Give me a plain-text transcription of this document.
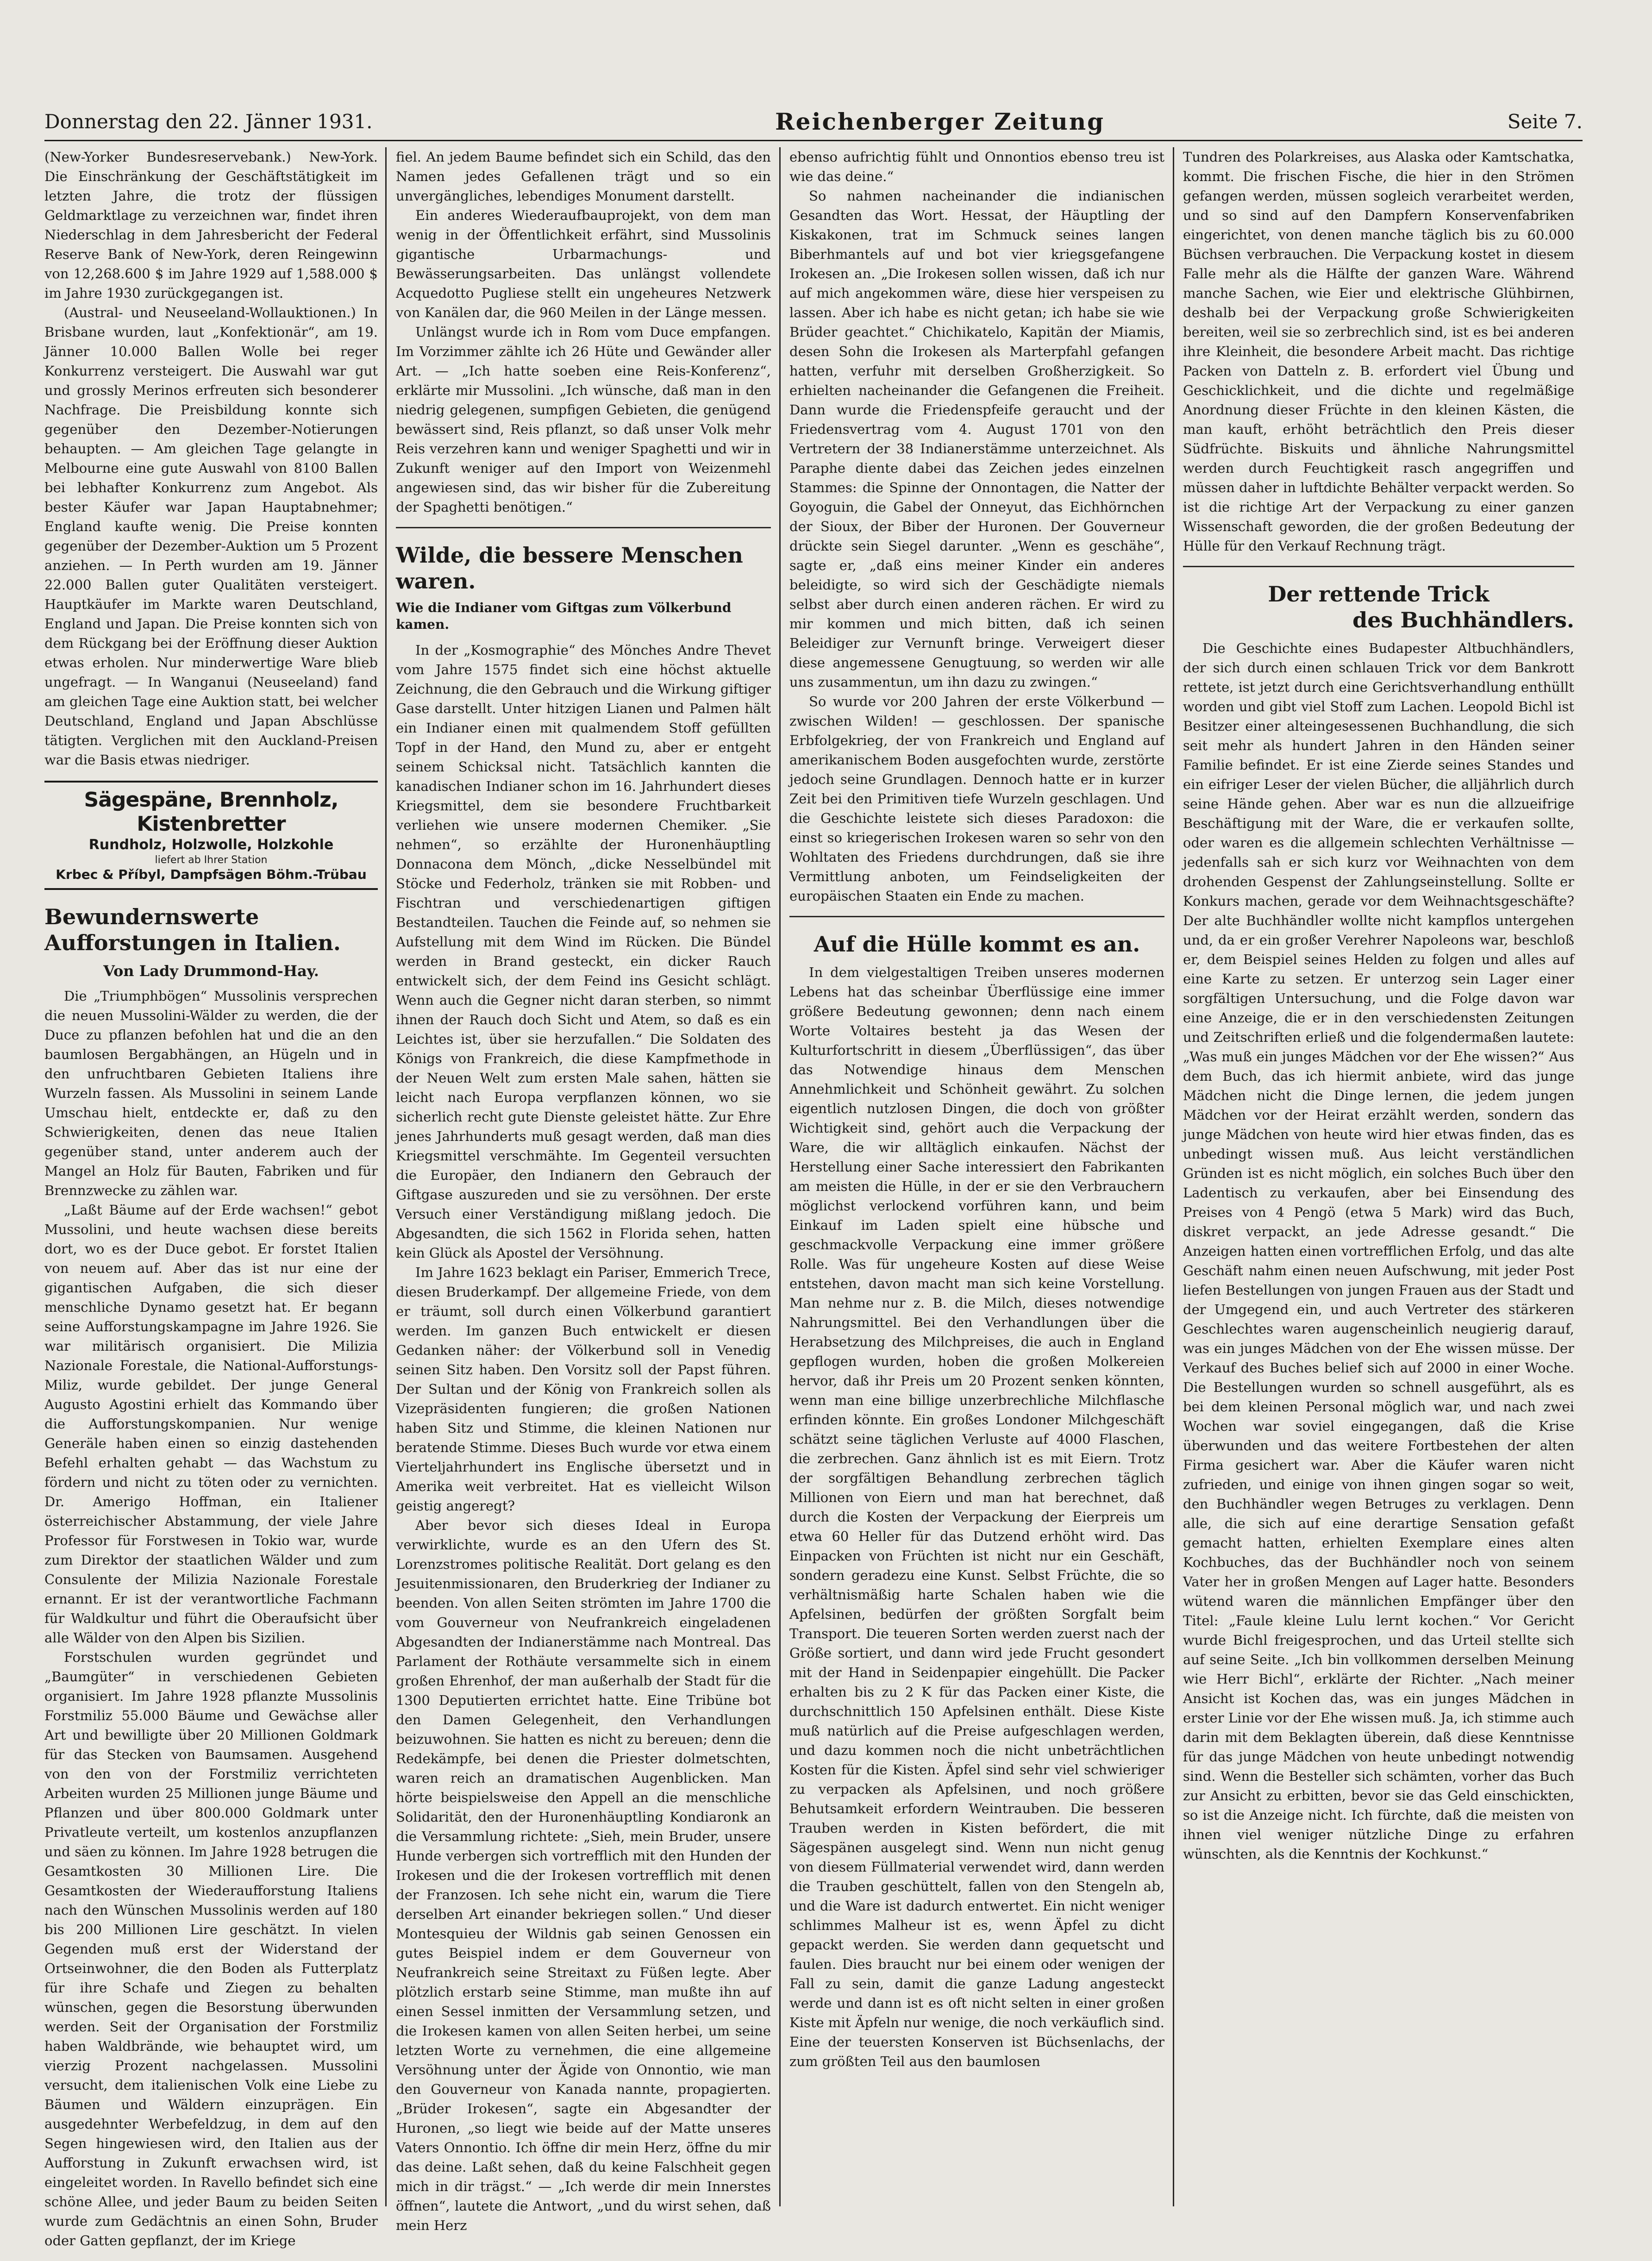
Donnerstag den 22. Jänner 1931.	Reichenberger Zeitung	Seite 7.

(New-Yorker Bundesreservebank.) New-York. Die Einschränkung der Geschäftstätigkeit im letzten Jahre, die trotz der flüssigen Geldmarktlage zu verzeichnen war, findet ihren Niederschlag in dem Jahresbericht der Federal Reserve Bank of New-York, deren Reingewinn von 12,268.600 $ im Jahre 1929 auf 1,588.000 $ im Jahre 1930 zurückgegangen ist.

(Austral- und Neuseeland-Wollauktionen.) In Brisbane wurden, laut „Konfektionär“, am 19. Jänner 10.000 Ballen Wolle bei reger Konkurrenz versteigert. Die Auswahl war gut und grossly Merinos erfreuten sich besonderer Nachfrage. Die Preisbildung konnte sich gegenüber den Dezember-Notierungen behaupten. — Am gleichen Tage gelangte in Melbourne eine gute Auswahl von 8100 Ballen bei lebhafter Konkurrenz zum Angebot. Als bester Käufer war Japan Hauptabnehmer; England kaufte wenig. Die Preise konnten gegenüber der Dezember-Auktion um 5 Prozent anziehen. — In Perth wurden am 19. Jänner 22.000 Ballen guter Qualitäten versteigert. Hauptkäufer im Markte waren Deutschland, England und Japan. Die Preise konnten sich von dem Rückgang bei der Eröffnung dieser Auktion etwas erholen. Nur minderwertige Ware blieb ungefragt. — In Wanganui (Neuseeland) fand am gleichen Tage eine Auktion statt, bei welcher Deutschland, England und Japan Abschlüsse tätigten. Verglichen mit den Auckland-Preisen war die Basis etwas niedriger.

Sägespäne, Brennholz, Kistenbretter
Rundholz, Holzwolle, Holzkohle
liefert ab Ihrer Station
Krbec & Příbyl, Dampfsägen Böhm.-Trübau
Bewundernswerte Aufforstungen in Italien.
Von Lady Drummond-Hay.

Die „Triumphbögen“ Mussolinis versprechen die neuen Mussolini-Wälder zu werden, die der Duce zu pflanzen befohlen hat und die an den baumlosen Bergabhängen, an Hügeln und in den unfruchtbaren Gebieten Italiens ihre Wurzeln fassen. Als Mussolini in seinem Lande Umschau hielt, entdeckte er, daß zu den Schwierigkeiten, denen das neue Italien gegenüber stand, unter anderem auch der Mangel an Holz für Bauten, Fabriken und für Brennzwecke zu zählen war.

„Laßt Bäume auf der Erde wachsen!“ gebot Mussolini, und heute wachsen diese bereits dort, wo es der Duce gebot. Er forstet Italien von neuem auf. Aber das ist nur eine der gigantischen Aufgaben, die sich dieser menschliche Dynamo gesetzt hat. Er begann seine Aufforstungskampagne im Jahre 1926. Sie war militärisch organisiert. Die Milizia Nazionale Forestale, die National-Aufforstungs-Miliz, wurde gebildet. Der junge General Augusto Agostini erhielt das Kommando über die Aufforstungskompanien. Nur wenige Generäle haben einen so einzig dastehenden Befehl erhalten gehabt — das Wachstum zu fördern und nicht zu töten oder zu vernichten. Dr. Amerigo Hoffman, ein Italiener österreichischer Abstammung, der viele Jahre Professor für Forstwesen in Tokio war, wurde zum Direktor der staatlichen Wälder und zum Consulente der Milizia Nazionale Forestale ernannt. Er ist der verantwortliche Fachmann für Waldkultur und führt die Oberaufsicht über alle Wälder von den Alpen bis Sizilien.

Forstschulen wurden gegründet und „Baumgüter“ in verschiedenen Gebieten organisiert. Im Jahre 1928 pflanzte Mussolinis Forstmiliz 55.000 Bäume und Gewächse aller Art und bewilligte über 20 Millionen Goldmark für das Stecken von Baumsamen. Ausgehend von den von der Forstmiliz verrichteten Arbeiten wurden 25 Millionen junge Bäume und Pflanzen und über 800.000 Goldmark unter Privatleute verteilt, um kostenlos anzupflanzen und säen zu können. Im Jahre 1928 betrugen die Gesamtkosten 30 Millionen Lire. Die Gesamtkosten der Wiederaufforstung Italiens nach den Wünschen Mussolinis werden auf 180 bis 200 Millionen Lire geschätzt. In vielen Gegenden muß erst der Widerstand der Ortseinwohner, die den Boden als Futterplatz für ihre Schafe und Ziegen zu behalten wünschen, gegen die Besorstung überwunden werden. Seit der Organisation der Forstmiliz haben Waldbrände, wie behauptet wird, um vierzig Prozent nachgelassen. Mussolini versucht, dem italienischen Volk eine Liebe zu Bäumen und Wäldern einzuprägen. Ein ausgedehnter Werbefeldzug, in dem auf den Segen hingewiesen wird, den Italien aus der Aufforstung in Zukunft erwachsen wird, ist eingeleitet worden. In Ravello befindet sich eine schöne Allee, und jeder Baum zu beiden Seiten wurde zum Gedächtnis an einen Sohn, Bruder oder Gatten gepflanzt, der im Kriege

fiel. An jedem Baume befindet sich ein Schild, das den Namen jedes Gefallenen trägt und so ein unvergängliches, lebendiges Monument darstellt.

Ein anderes Wiederaufbauprojekt, von dem man wenig in der Öffentlichkeit erfährt, sind Mussolinis gigantische Urbarmachungs- und Bewässerungsarbeiten. Das unlängst vollendete Acquedotto Pugliese stellt ein ungeheures Netzwerk von Kanälen dar, die 960 Meilen in der Länge messen.

Unlängst wurde ich in Rom vom Duce empfangen. Im Vorzimmer zählte ich 26 Hüte und Gewänder aller Art. — „Ich hatte soeben eine Reis-Konferenz“, erklärte mir Mussolini. „Ich wünsche, daß man in den niedrig gelegenen, sumpfigen Gebieten, die genügend bewässert sind, Reis pflanzt, so daß unser Volk mehr Reis verzehren kann und weniger Spaghetti und wir in Zukunft weniger auf den Import von Weizenmehl angewiesen sind, das wir bisher für die Zubereitung der Spaghetti benötigen.“

Wilde, die bessere Menschen waren.
Wie die Indianer vom Giftgas zum Völkerbund kamen.

In der „Kosmographie“ des Mönches Andre Thevet vom Jahre 1575 findet sich eine höchst aktuelle Zeichnung, die den Gebrauch und die Wirkung giftiger Gase darstellt. Unter hitzigen Lianen und Palmen hält ein Indianer einen mit qualmendem Stoff gefüllten Topf in der Hand, den Mund zu, aber er entgeht seinem Schicksal nicht. Tatsächlich kannten die kanadischen Indianer schon im 16. Jahrhundert dieses Kriegsmittel, dem sie besondere Fruchtbarkeit verliehen wie unsere modernen Chemiker. „Sie nehmen“, so erzählte der Huronenhäuptling Donnacona dem Mönch, „dicke Nesselbündel mit Stöcke und Federholz, tränken sie mit Robben- und Fischtran und verschiedenartigen giftigen Bestandteilen. Tauchen die Feinde auf, so nehmen sie Aufstellung mit dem Wind im Rücken. Die Bündel werden in Brand gesteckt, ein dicker Rauch entwickelt sich, der dem Feind ins Gesicht schlägt. Wenn auch die Gegner nicht daran sterben, so nimmt ihnen der Rauch doch Sicht und Atem, so daß es ein Leichtes ist, über sie herzufallen.“ Die Soldaten des Königs von Frankreich, die diese Kampfmethode in der Neuen Welt zum ersten Male sahen, hätten sie leicht nach Europa verpflanzen können, wo sie sicherlich recht gute Dienste geleistet hätte. Zur Ehre jenes Jahrhunderts muß gesagt werden, daß man dies Kriegsmittel verschmähte. Im Gegenteil versuchten die Europäer, den Indianern den Gebrauch der Giftgase auszureden und sie zu versöhnen. Der erste Versuch einer Verständigung mißlang jedoch. Die Abgesandten, die sich 1562 in Florida sehen, hatten kein Glück als Apostel der Versöhnung.

Im Jahre 1623 beklagt ein Pariser, Emmerich Trece, diesen Bruderkampf. Der allgemeine Friede, von dem er träumt, soll durch einen Völkerbund garantiert werden. Im ganzen Buch entwickelt er diesen Gedanken näher: der Völkerbund soll in Venedig seinen Sitz haben. Den Vorsitz soll der Papst führen. Der Sultan und der König von Frankreich sollen als Vizepräsidenten fungieren; die großen Nationen haben Sitz und Stimme, die kleinen Nationen nur beratende Stimme. Dieses Buch wurde vor etwa einem Vierteljahrhundert ins Englische übersetzt und in Amerika weit verbreitet. Hat es vielleicht Wilson geistig angeregt?

Aber bevor sich dieses Ideal in Europa verwirklichte, wurde es an den Ufern des St. Lorenzstromes politische Realität. Dort gelang es den Jesuitenmissionaren, den Bruderkrieg der Indianer zu beenden. Von allen Seiten strömten im Jahre 1700 die vom Gouverneur von Neufrankreich eingeladenen Abgesandten der Indianerstämme nach Montreal. Das Parlament der Rothäute versammelte sich in einem großen Ehrenhof, der man außerhalb der Stadt für die 1300 Deputierten errichtet hatte. Eine Tribüne bot den Damen Gelegenheit, den Verhandlungen beizuwohnen. Sie hatten es nicht zu bereuen; denn die Redekämpfe, bei denen die Priester dolmetschten, waren reich an dramatischen Augenblicken. Man hörte beispielsweise den Appell an die menschliche Solidarität, den der Huronenhäuptling Kondiaronk an die Versammlung richtete: „Sieh, mein Bruder, unsere Hunde verbergen sich vortrefflich mit den Hunden der Irokesen und die der Irokesen vortrefflich mit denen der Franzosen. Ich sehe nicht ein, warum die Tiere derselben Art einander bekriegen sollen.“ Und dieser Montesquieu der Wildnis gab seinen Genossen ein gutes Beispiel indem er dem Gouverneur von Neufrankreich seine Streitaxt zu Füßen legte. Aber plötzlich erstarb seine Stimme, man mußte ihn auf einen Sessel inmitten der Versammlung setzen, und die Irokesen kamen von allen Seiten herbei, um seine letzten Worte zu vernehmen, die eine allgemeine Versöhnung unter der Ägide von Onnontio, wie man den Gouverneur von Kanada nannte, propagierten. „Brüder Irokesen“, sagte ein Abgesandter der Huronen, „so liegt wie beide auf der Matte unseres Vaters Onnontio. Ich öffne dir mein Herz, öffne du mir das deine. Laßt sehen, daß du keine Falschheit gegen mich in dir trägst.“ — „Ich werde dir mein Innerstes öffnen“, lautete die Antwort, „und du wirst sehen, daß mein Herz

ebenso aufrichtig fühlt und Onnontios ebenso treu ist wie das deine.“

So nahmen nacheinander die indianischen Gesandten das Wort. Hessat, der Häuptling der Kiskakonen, trat im Schmuck seines langen Biberhmantels auf und bot vier kriegsgefangene Irokesen an. „Die Irokesen sollen wissen, daß ich nur auf mich angekommen wäre, diese hier verspeisen zu lassen. Aber ich habe es nicht getan; ich habe sie wie Brüder geachtet.“ Chichikatelo, Kapitän der Miamis, desen Sohn die Irokesen als Marterpfahl gefangen hatten, verfuhr mit derselben Großherzigkeit. So erhielten nacheinander die Gefangenen die Freiheit. Dann wurde die Friedenspfeife geraucht und der Friedensvertrag vom 4. August 1701 von den Vertretern der 38 Indianerstämme unterzeichnet. Als Paraphe diente dabei das Zeichen jedes einzelnen Stammes: die Spinne der Onnontagen, die Natter der Goyoguin, die Gabel der Onneyut, das Eichhörnchen der Sioux, der Biber der Huronen. Der Gouverneur drückte sein Siegel darunter. „Wenn es geschähe“, sagte er, „daß eins meiner Kinder ein anderes beleidigte, so wird sich der Geschädigte niemals selbst aber durch einen anderen rächen. Er wird zu mir kommen und mich bitten, daß ich seinen Beleidiger zur Vernunft bringe. Verweigert dieser diese angemessene Genugtuung, so werden wir alle uns zusammentun, um ihn dazu zu zwingen.“

So wurde vor 200 Jahren der erste Völkerbund — zwischen Wilden! — geschlossen. Der spanische Erbfolgekrieg, der von Frankreich und England auf amerikanischem Boden ausgefochten wurde, zerstörte jedoch seine Grundlagen. Dennoch hatte er in kurzer Zeit bei den Primitiven tiefe Wurzeln geschlagen. Und die Geschichte leistete sich dieses Paradoxon: die einst so kriegerischen Irokesen waren so sehr von den Wohltaten des Friedens durchdrungen, daß sie ihre Vermittlung anboten, um Feindseligkeiten der europäischen Staaten ein Ende zu machen.

Auf die Hülle kommt es an.

In dem vielgestaltigen Treiben unseres modernen Lebens hat das scheinbar Überflüssige eine immer größere Bedeutung gewonnen; denn nach einem Worte Voltaires besteht ja das Wesen der Kulturfortschritt in diesem „Überflüssigen“, das über das Notwendige hinaus dem Menschen Annehmlichkeit und Schönheit gewährt. Zu solchen eigentlich nutzlosen Dingen, die doch von größter Wichtigkeit sind, gehört auch die Verpackung der Ware, die wir alltäglich einkaufen. Nächst der Herstellung einer Sache interessiert den Fabrikanten am meisten die Hülle, in der er sie den Verbrauchern möglichst verlockend vorführen kann, und beim Einkauf im Laden spielt eine hübsche und geschmackvolle Verpackung eine immer größere Rolle. Was für ungeheure Kosten auf diese Weise entstehen, davon macht man sich keine Vorstellung. Man nehme nur z. B. die Milch, dieses notwendige Nahrungsmittel. Bei den Verhandlungen über die Herabsetzung des Milchpreises, die auch in England gepflogen wurden, hoben die großen Molkereien hervor, daß ihr Preis um 20 Prozent senken könnten, wenn man eine billige unzerbrechliche Milchflasche erfinden könnte. Ein großes Londoner Milchgeschäft schätzt seine täglichen Verluste auf 4000 Flaschen, die zerbrechen. Ganz ähnlich ist es mit Eiern. Trotz der sorgfältigen Behandlung zerbrechen täglich Millionen von Eiern und man hat berechnet, daß durch die Kosten der Verpackung der Eierpreis um etwa 60 Heller für das Dutzend erhöht wird. Das Einpacken von Früchten ist nicht nur ein Geschäft, sondern geradezu eine Kunst. Selbst Früchte, die so verhältnismäßig harte Schalen haben wie die Apfelsinen, bedürfen der größten Sorgfalt beim Transport. Die teueren Sorten werden zuerst nach der Größe sortiert, und dann wird jede Frucht gesondert mit der Hand in Seidenpapier eingehüllt. Die Packer erhalten bis zu 2 K für das Packen einer Kiste, die durchschnittlich 150 Apfelsinen enthält. Diese Kiste muß natürlich auf die Preise aufgeschlagen werden, und dazu kommen noch die nicht unbeträchtlichen Kosten für die Kisten. Äpfel sind sehr viel schwieriger zu verpacken als Apfelsinen, und noch größere Behutsamkeit erfordern Weintrauben. Die besseren Trauben werden in Kisten befördert, die mit Sägespänen ausgelegt sind. Wenn nun nicht genug von diesem Füllmaterial verwendet wird, dann werden die Trauben geschüttelt, fallen von den Stengeln ab, und die Ware ist dadurch entwertet. Ein nicht weniger schlimmes Malheur ist es, wenn Äpfel zu dicht gepackt werden. Sie werden dann gequetscht und faulen. Dies braucht nur bei einem oder wenigen der Fall zu sein, damit die ganze Ladung angesteckt werde und dann ist es oft nicht selten in einer großen Kiste mit Äpfeln nur wenige, die noch verkäuflich sind. Eine der teuersten Konserven ist Büchsenlachs, der zum größten Teil aus den baumlosen

Tundren des Polarkreises, aus Alaska oder Kamtschatka, kommt. Die frischen Fische, die hier in den Strömen gefangen werden, müssen sogleich verarbeitet werden, und so sind auf den Dampfern Konservenfabriken eingerichtet, von denen manche täglich bis zu 60.000 Büchsen verbrauchen. Die Verpackung kostet in diesem Falle mehr als die Hälfte der ganzen Ware. Während manche Sachen, wie Eier und elektrische Glühbirnen, deshalb bei der Verpackung große Schwierigkeiten bereiten, weil sie so zerbrechlich sind, ist es bei anderen ihre Kleinheit, die besondere Arbeit macht. Das richtige Packen von Datteln z. B. erfordert viel Übung und Geschicklichkeit, und die dichte und regelmäßige Anordnung dieser Früchte in den kleinen Kästen, die man kauft, erhöht beträchtlich den Preis dieser Südfrüchte. Biskuits und ähnliche Nahrungsmittel werden durch Feuchtigkeit rasch angegriffen und müssen daher in luftdichte Behälter verpackt werden. So ist die richtige Art der Verpackung zu einer ganzen Wissenschaft geworden, die der großen Bedeutung der Hülle für den Verkauf Rechnung trägt.

Der rettende Trick
des Buchhändlers.

Die Geschichte eines Budapester Altbuchhändlers, der sich durch einen schlauen Trick vor dem Bankrott rettete, ist jetzt durch eine Gerichtsverhandlung enthüllt worden und gibt viel Stoff zum Lachen. Leopold Bichl ist Besitzer einer alteingesessenen Buchhandlung, die sich seit mehr als hundert Jahren in den Händen seiner Familie befindet. Er ist eine Zierde seines Standes und ein eifriger Leser der vielen Bücher, die alljährlich durch seine Hände gehen. Aber war es nun die allzueifrige Beschäftigung mit der Ware, die er verkaufen sollte, oder waren es die allgemein schlechten Verhältnisse — jedenfalls sah er sich kurz vor Weihnachten von dem drohenden Gespenst der Zahlungseinstellung. Sollte er Konkurs machen, gerade vor dem Weihnachtsgeschäfte? Der alte Buchhändler wollte nicht kampflos untergehen und, da er ein großer Verehrer Napoleons war, beschloß er, dem Beispiel seines Helden zu folgen und alles auf eine Karte zu setzen. Er unterzog sein Lager einer sorgfältigen Untersuchung, und die Folge davon war eine Anzeige, die er in den verschiedensten Zeitungen und Zeitschriften erließ und die folgendermaßen lautete: „Was muß ein junges Mädchen vor der Ehe wissen?“ Aus dem Buch, das ich hiermit anbiete, wird das junge Mädchen nicht die Dinge lernen, die jedem jungen Mädchen vor der Heirat erzählt werden, sondern das junge Mädchen von heute wird hier etwas finden, das es unbedingt wissen muß. Aus leicht verständlichen Gründen ist es nicht möglich, ein solches Buch über den Ladentisch zu verkaufen, aber bei Einsendung des Preises von 4 Pengö (etwa 5 Mark) wird das Buch, diskret verpackt, an jede Adresse gesandt.“ Die Anzeigen hatten einen vortrefflichen Erfolg, und das alte Geschäft nahm einen neuen Aufschwung, mit jeder Post liefen Bestellungen von jungen Frauen aus der Stadt und der Umgegend ein, und auch Vertreter des stärkeren Geschlechtes waren augenscheinlich neugierig darauf, was ein junges Mädchen von der Ehe wissen müsse. Der Verkauf des Buches belief sich auf 2000 in einer Woche. Die Bestellungen wurden so schnell ausgeführt, als es bei dem kleinen Personal möglich war, und nach zwei Wochen war soviel eingegangen, daß die Krise überwunden und das weitere Fortbestehen der alten Firma gesichert war. Aber die Käufer waren nicht zufrieden, und einige von ihnen gingen sogar so weit, den Buchhändler wegen Betruges zu verklagen. Denn alle, die sich auf eine derartige Sensation gefaßt gemacht hatten, erhielten Exemplare eines alten Kochbuches, das der Buchhändler noch von seinem Vater her in großen Mengen auf Lager hatte. Besonders wütend waren die männlichen Empfänger über den Titel: „Faule kleine Lulu lernt kochen.“ Vor Gericht wurde Bichl freigesprochen, und das Urteil stellte sich auf seine Seite. „Ich bin vollkommen derselben Meinung wie Herr Bichl“, erklärte der Richter. „Nach meiner Ansicht ist Kochen das, was ein junges Mädchen in erster Linie vor der Ehe wissen muß. Ja, ich stimme auch darin mit dem Beklagten überein, daß diese Kenntnisse für das junge Mädchen von heute unbedingt notwendig sind. Wenn die Besteller sich schämten, vorher das Buch zur Ansicht zu erbitten, bevor sie das Geld einschickten, so ist die Anzeige nicht. Ich fürchte, daß die meisten von ihnen viel weniger nützliche Dinge zu erfahren wünschten, als die Kenntnis der Kochkunst.“
